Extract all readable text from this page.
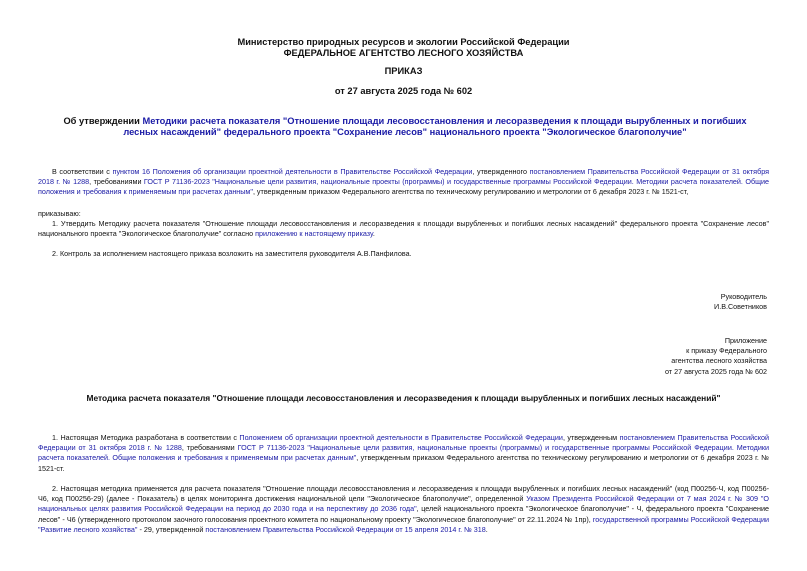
Министерство природных ресурсов и экологии Российской Федерации
ФЕДЕРАЛЬНОЕ АГЕНТСТВО ЛЕСНОГО ХОЗЯЙСТВА
ПРИКАЗ
от 27 августа 2025 года № 602
Об утверждении Методики расчета показателя "Отношение площади лесовосстановления и лесоразведения к площади вырубленных и погибших лесных насаждений" федерального проекта "Сохранение лесов" национального проекта "Экологическое благополучие"
В соответствии с пунктом 16 Положения об организации проектной деятельности в Правительстве Российской Федерации, утвержденного постановлением Правительства Российской Федерации от 31 октября 2018 г. № 1288, требованиями ГОСТ Р 71136-2023 "Национальные цели развития, национальные проекты (программы) и государственные программы Российской Федерации. Методики расчета показателей. Общие положения и требования к применяемым при расчетах данным", утвержденным приказом Федерального агентства по техническому регулированию и метрологии от 6 декабря 2023 г. № 1521-ст,
приказываю:
1. Утвердить Методику расчета показателя "Отношение площади лесовосстановления и лесоразведения к площади вырубленных и погибших лесных насаждений" федерального проекта "Сохранение лесов" национального проекта "Экологическое благополучие" согласно приложению к настоящему приказу.
2. Контроль за исполнением настоящего приказа возложить на заместителя руководителя А.В.Панфилова.
Руководитель
И.В.Советников
Приложение
к приказу Федерального
агентства лесного хозяйства
от 27 августа 2025 года № 602
Методика расчета показателя "Отношение площади лесовосстановления и лесоразведения к площади вырубленных и погибших лесных насаждений"
1. Настоящая Методика разработана в соответствии с Положением об организации проектной деятельности в Правительстве Российской Федерации, утвержденным постановлением Правительства Российской Федерации от 31 октября 2018 г. № 1288, требованиями ГОСТ Р 71136-2023 "Национальные цели развития, национальные проекты (программы) и государственные программы Российской Федерации. Методики расчета показателей. Общие положения и требования к применяемым при расчетах данным", утвержденным приказом Федерального агентства по техническому регулированию и метрологии от 6 декабря 2023 г. № 1521-ст.
2. Настоящая методика применяется для расчета показателя "Отношение площади лесовосстановления и лесоразведения к площади вырубленных и погибших лесных насаждений" (код П00256-Ч, код П00256-Ч6, код П00256-29) (далее - Показатель) в целях мониторинга достижения национальной цели "Экологическое благополучие", определенной Указом Президента Российской Федерации от 7 мая 2024 г. № 309 "О национальных целях развития Российской Федерации на период до 2030 года и на перспективу до 2036 года", целей национального проекта "Экологическое благополучие" - Ч, федерального проекта "Сохранение лесов" - Ч6 (утвержденного протоколом заочного голосования проектного комитета по национальному проекту "Экологическое благополучие" от 22.11.2024 № 1пр), государственной программы Российской Федерации "Развитие лесного хозяйства" - 29, утвержденной постановлением Правительства Российской Федерации от 15 апреля 2014 г. № 318.
